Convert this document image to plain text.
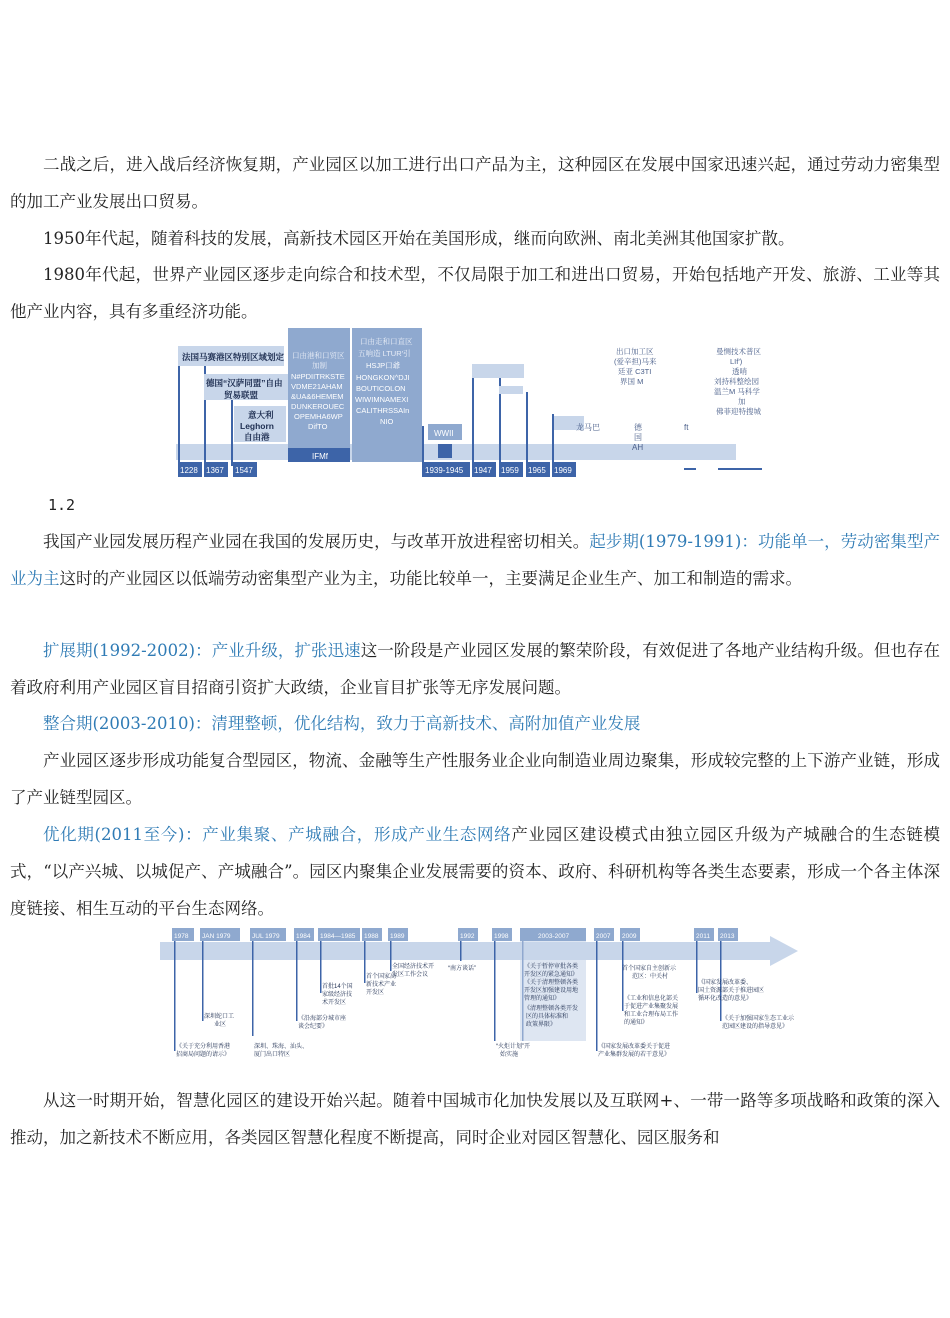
二战之后，进入战后经济恢复期，产业园区以加工进行出口产品为主，这种园区在发展中国家迅速兴起，通过劳动力密集型的加工产业发展出口贸易。

1950年代起，随着科技的发展，高新技术园区开始在美国形成，继而向欧洲、南北美洲其他国家扩散。

1980年代起，世界产业园区逐步走向综合和技术型，不仅局限于加工和进出口贸易，开始包括地产开发、旅游、工业等其他产业内容，具有多重经济功能。

法国马赛港区特别区域划定
德国“汉萨同盟”自由
贸易联盟
意大利
Leghorn
自由港
口由港和口贸区
加制
N#PDIITRKSTE
VDME21AHAM
&UA&6HEMEM
DUNKEROUEC
OPEMHA6WP
DifTO
IFMf
口由走和口直区
五响造 LTUR'引
HSJP口爺
HONGKON^DJI
BOUTICOLON
WIWIMNAMEXI
CALITHRSSAIn
NIO
WWII
龙马巴	德
国
AH
ft
出口加工区
(爱辛担)马来
廷亚 C3TI
界国 M
曼恻技术普区
LIf')
透哨
刘持科整绘园
温兰M 马科学
加
佛菲迎特搜城
1228 1367 1547	1939-1945 1947 1959 1965 1969

1.2

我国产业园发展历程产业园在我国的发展历史，与改革开放进程密切相关。起步期(1979-1991)：功能单一，劳动密集型产业为主这时的产业园区以低端劳动密集型产业为主，功能比较单一，主要满足企业生产、加工和制造的需求。

扩展期(1992-2002)：产业升级，扩张迅速这一阶段是产业园区发展的繁荣阶段，有效促进了各地产业结构升级。但也存在着政府利用产业园区盲目招商引资扩大政绩，企业盲目扩张等无序发展问题。

整合期(2003-2010)：清理整顿，优化结构，致力于高新技术、高附加值产业发展

产业园区逐步形成功能复合型园区，物流、金融等生产性服务业企业向制造业周边聚集，形成较完整的上下游产业链，形成了产业链型园区。

优化期(2011至今)：产业集聚、产城融合，形成产业生态网络产业园区建设模式由独立园区升级为产城融合的生态链模式，“以产兴城、以城促产、产城融合”。园区内聚集企业发展需要的资本、政府、科研机构等各类生态要素，形成一个各主体深度链接、相生互动的平台生态网络。

1978 JAN 1979	JUL 1979	1984 1984—1985 1988 1989	1992	1998	2003-2007	2007 2009	2011 2013
《关于充分利用香港
招商局问题的请示》
深圳蛇口工
业区
深圳、珠海、汕头、
厦门出口特区
《沿海部分城市座
谈会纪要》
首批14个国
家级经济技
术开发区
首个国家高
新技术产业
开发区
全国经济技术开
发区工作会议
“南方谈话”
“火炬计划”开
始实施
《关于暂停审批各类
开发区的紧急通知》
《关于清理整顿各类
开发区加强建设用地
管理的通知》
《清理整顿各类开发
区的具体标准和
政策界限》
《国家发展改革委关于促进
产业集群发展的若干意见》
首个国家自主创新示
范区：中关村
《工业和信息化部关
于促进产业集聚发展
和工业合理布局工作
的通知》
《国家发展改革委、
国土资源部关于推进园区
循环化改造的意见》
《关于加强国家生态工业示
范园区建设的指导意见》

从这一时期开始，智慧化园区的建设开始兴起。随着中国城市化加快发展以及互联网+、一带一路等多项战略和政策的深入推动，加之新技术不断应用，各类园区智慧化程度不断提高，同时企业对园区智慧化、园区服务和
